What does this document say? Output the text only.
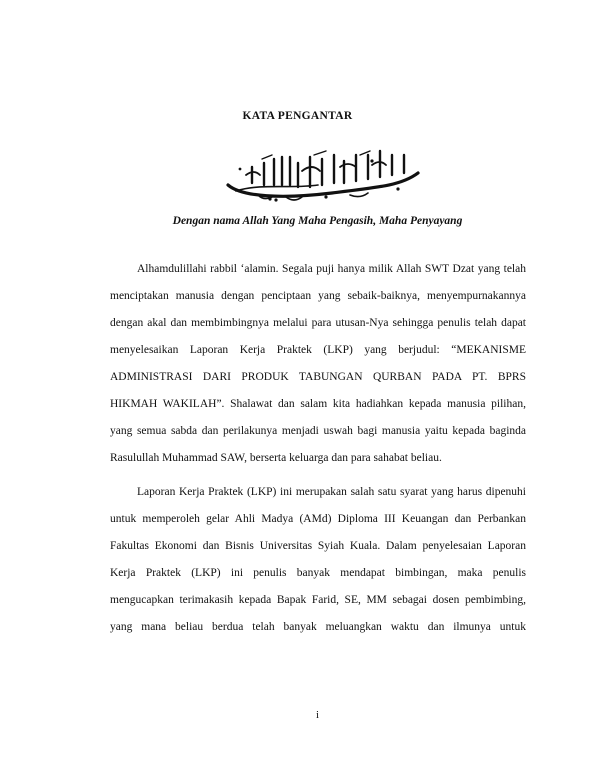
KATA PENGANTAR
Dengan nama Allah Yang Maha Pengasih, Maha Penyayang
Alhamdulillahi rabbil ‘alamin. Segala puji hanya milik Allah SWT Dzat yang telah
menciptakan manusia dengan penciptaan yang sebaik-baiknya, menyempurnakannya
dengan akal dan membimbingnya melalui para utusan-Nya sehingga penulis telah dapat
menyelesaikan Laporan Kerja Praktek (LKP) yang berjudul: “MEKANISME
ADMINISTRASI DARI PRODUK TABUNGAN QURBAN PADA PT. BPRS
HIKMAH WAKILAH”. Shalawat dan salam kita hadiahkan kepada manusia pilihan,
yang semua sabda dan perilakunya menjadi uswah bagi manusia yaitu kepada baginda
Rasulullah Muhammad SAW, berserta keluarga dan para sahabat beliau.
Laporan Kerja Praktek (LKP) ini merupakan salah satu syarat yang harus dipenuhi
untuk memperoleh gelar Ahli Madya (AMd) Diploma III Keuangan dan Perbankan
Fakultas Ekonomi dan Bisnis Universitas Syiah Kuala. Dalam penyelesaian Laporan
Kerja Praktek (LKP) ini penulis banyak mendapat bimbingan, maka penulis
mengucapkan terimakasih kepada Bapak Farid, SE, MM sebagai dosen pembimbing,
yang mana beliau berdua telah banyak meluangkan waktu dan ilmunya untuk
i
